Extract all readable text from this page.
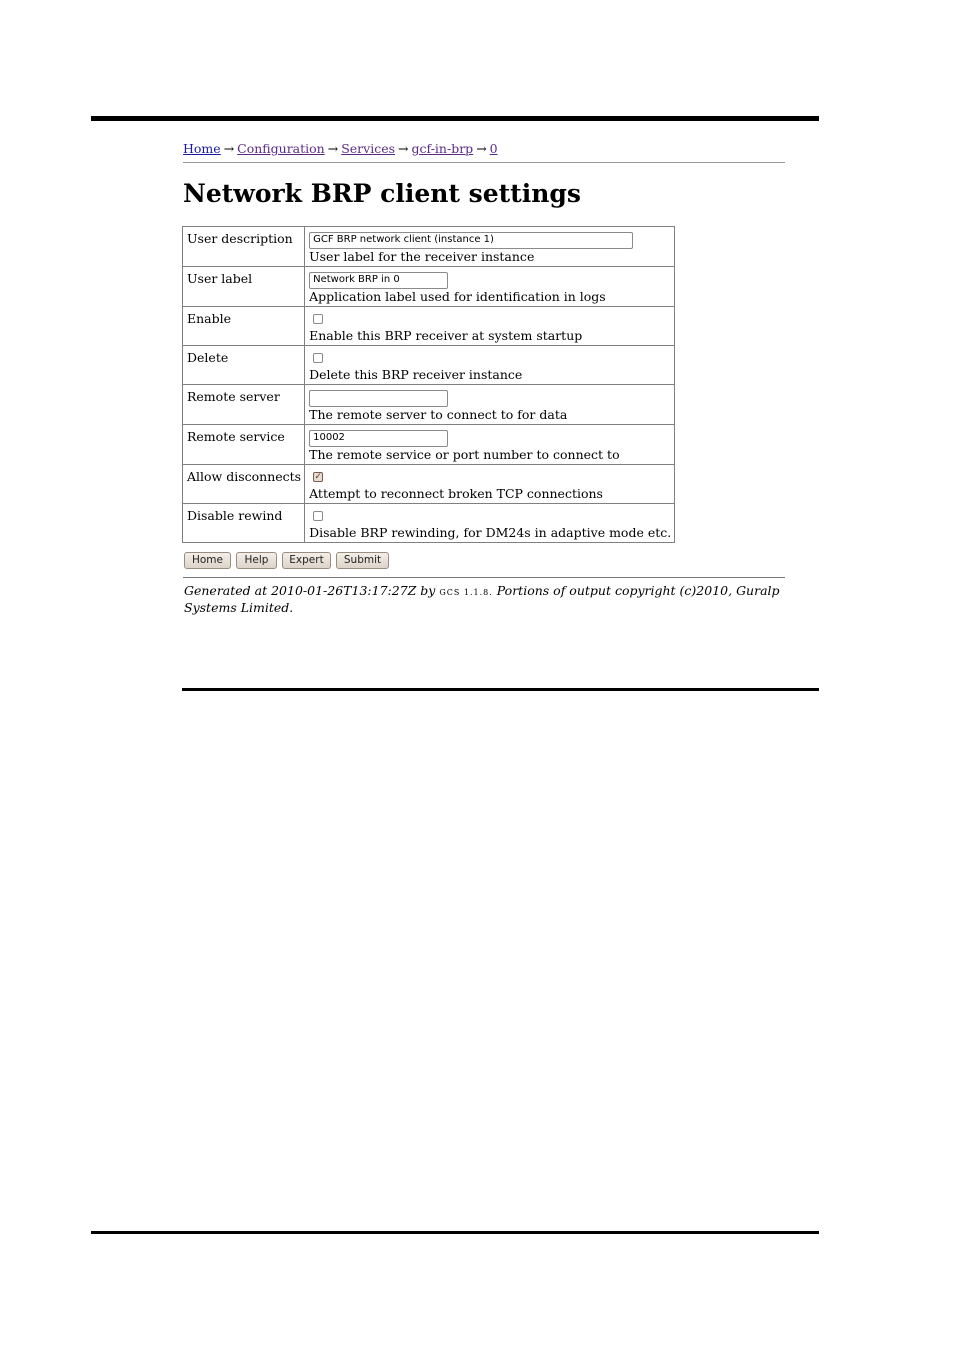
Home → Configuration → Services → gcf-in-brp → 0
Network BRP client settings
User description	GCF BRP network client (instance 1)
User label for the receiver instance

User label	Network BRP in 0
Application label used for identification in logs

Enable	Enable this BRP receiver at system startup

Delete	Delete this BRP receiver instance

Remote server	The remote server to connect to for data

Remote service	10002
The remote service or port number to connect to

Allow disconnects	✓
Attempt to reconnect broken TCP connections

Disable rewind	Disable BRP rewinding, for DM24s in adaptive mode etc.
Home	Help	Expert	Submit
Generated at 2010-01-26T13:17:27Z by GCS 1.1.8. Portions of output copyright (c)2010, Guralp Systems Limited.
